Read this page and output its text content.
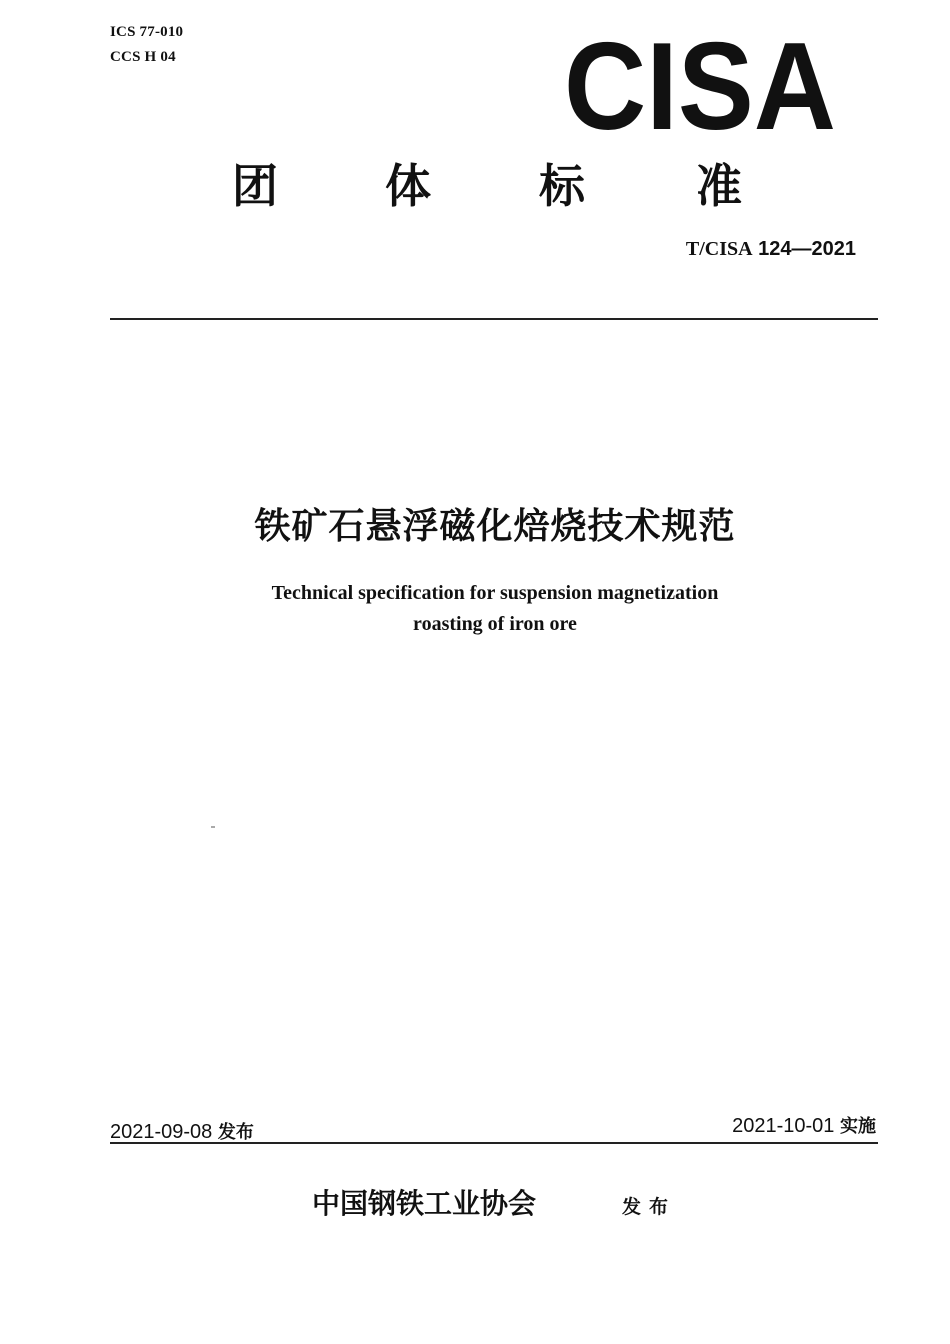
ICS 77-010
CCS H 04	CISA
团 体 标 准
T/CISA 124—2021
铁矿石悬浮磁化焙烧技术规范
Technical specification for suspension magnetization
roasting of iron ore
2021-09-08 发布	2021-10-01 实施
中国钢铁工业协会	发布
